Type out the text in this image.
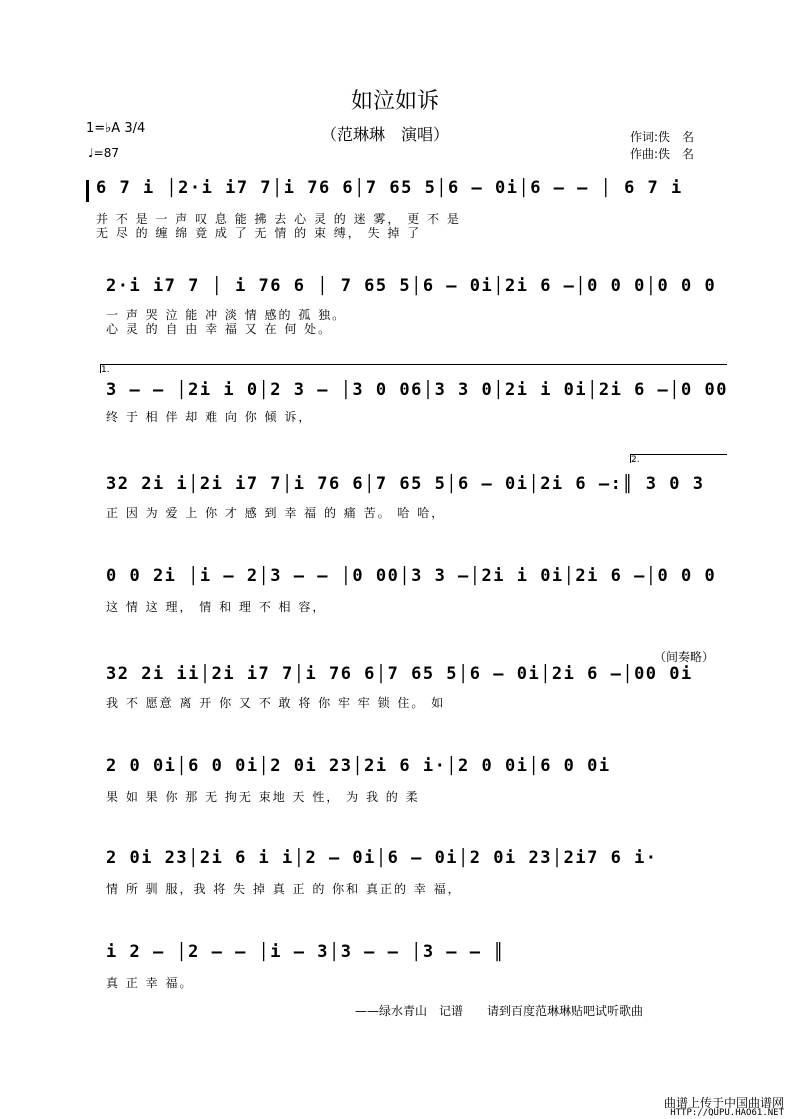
如泣如诉
（范琳琳　演唱）	作词:佚　名
作曲:佚　名
1=♭A 3/4
♩=87
6 7 i │2·i i7 7│i 76 6│7 65 5│6 – 0i│6 – – │ 6 7 i
并 不 是 一 声 叹 息 能 拂 去 心 灵 的 迷 雾， 更 不 是
无 尽 的 缠 绵 竟 成 了 无 情 的 束 缚， 失 掉 了
2·i i7 7 │ i 76 6 │ 7 65 5│6 – 0i│2i 6 –│0 0 0│0 0 0
一 声 哭 泣 能 冲 淡 情 感的 孤 独。
心 灵 的 自 由 幸 福 又 在 何 处。
1.
3 – – │2i i 0│2 3 – │3 0 06│3 3 0│2i i 0i│2i 6 –│0 00
终 于 相 伴 却 难 向 你 倾 诉，
2.
32 2i i│2i i7 7│i 76 6│7 65 5│6 – 0i│2i 6 –:║ 3 0 3
正 因 为 爱 上 你 才 感 到 幸 福 的 痛 苦。 哈 哈，
0 0 2i │i – 2│3 – – │0 00│3 3 –│2i i 0i│2i 6 –│0 0 0
这 情 这 理， 情 和 理 不 相 容，
（间奏略）
32 2i ii│2i i7 7│i 76 6│7 65 5│6 – 0i│2i 6 –│00 0i
我 不 愿意 离 开 你 又 不 敢 将 你 牢 牢 锁 住。 如
2 0 0i│6 0 0i│2 0i 23│2i 6 i·│2 0 0i│6 0 0i
果 如 果 你 那 无 拘无 束地 天 性， 为 我 的 柔
2 0i 23│2i 6 i i│2 – 0i│6 – 0i│2 0i 23│2i7 6 i·
情 所 驯 服，我 将 失 掉 真 正 的 你和 真正的 幸 福，
i 2 – │2 – – │i – 3│3 – – │3 – – ║
真 正 幸 福。
——绿水青山　记谱　　请到百度范琳琳贴吧试听歌曲
曲谱上传于中国曲谱网
HTTP://QUPU.HAO61.NET
